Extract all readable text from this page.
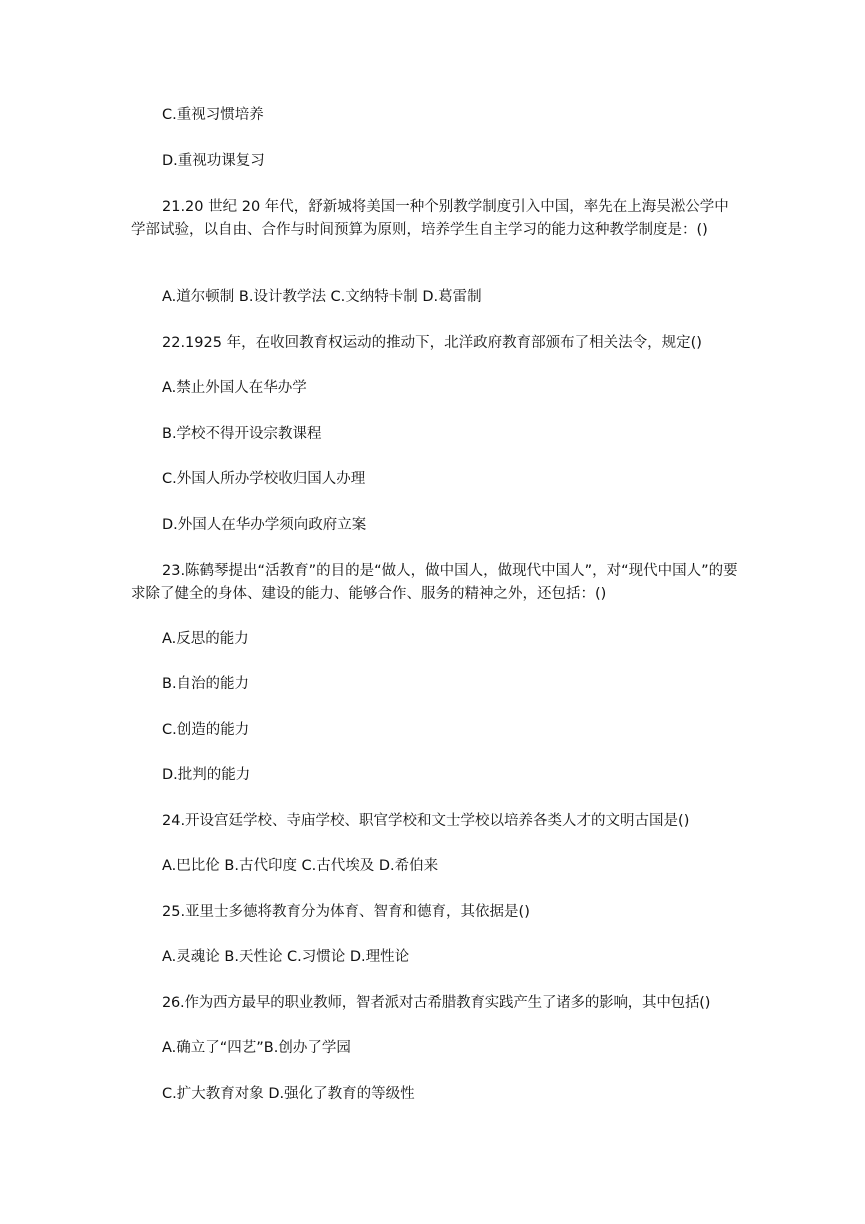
C.重视习惯培养
D.重视功课复习
21.20 世纪 20 年代，舒新城将美国一种个别教学制度引入中国，率先在上海吴淞公学中学部试验，以自由、合作与时间预算为原则，培养学生自主学习的能力这种教学制度是：()
A.道尔顿制 B.设计教学法 C.文纳特卡制 D.葛雷制
22.1925 年，在收回教育权运动的推动下，北洋政府教育部颁布了相关法令，规定()
A.禁止外国人在华办学
B.学校不得开设宗教课程
C.外国人所办学校收归国人办理
D.外国人在华办学须向政府立案
23.陈鹤琴提出“活教育”的目的是“做人，做中国人，做现代中国人”，对“现代中国人”的要求除了健全的身体、建设的能力、能够合作、服务的精神之外，还包括：()
A.反思的能力
B.自治的能力
C.创造的能力
D.批判的能力
24.开设宫廷学校、寺庙学校、职官学校和文士学校以培养各类人才的文明古国是()
A.巴比伦 B.古代印度 C.古代埃及 D.希伯来
25.亚里士多德将教育分为体育、智育和德育，其依据是()
A.灵魂论 B.天性论 C.习惯论 D.理性论
26.作为西方最早的职业教师，智者派对古希腊教育实践产生了诸多的影响，其中包括()
A.确立了“四艺”B.创办了学园
C.扩大教育对象 D.强化了教育的等级性
